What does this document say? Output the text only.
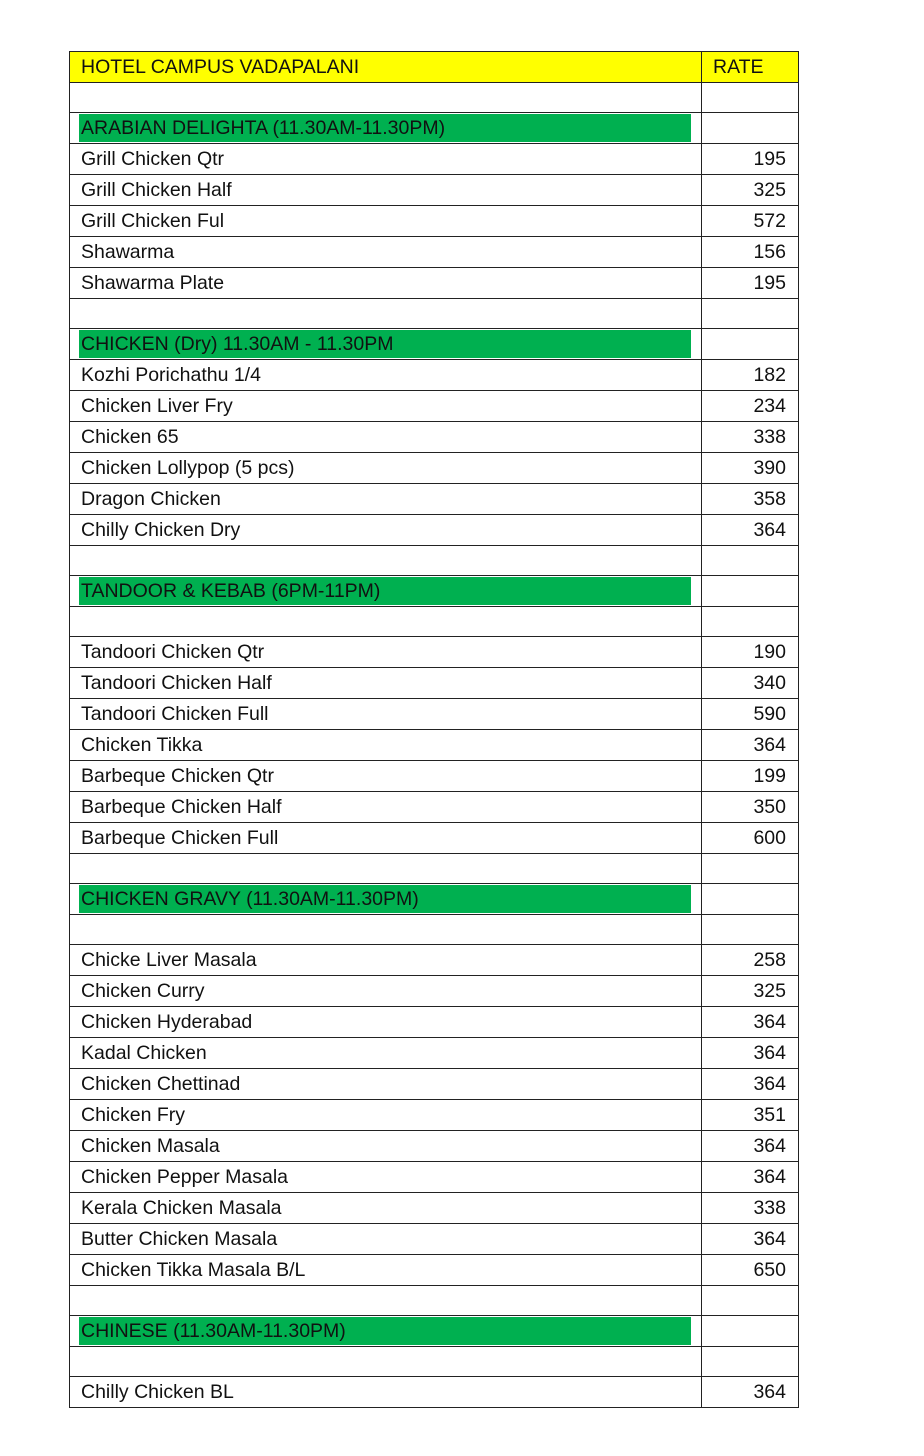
HOTEL CAMPUS VADAPALANI	RATE

ARABIAN DELIGHTA (11.30AM-11.30PM)	

Grill Chicken Qtr	195
Grill Chicken Half	325
Grill Chicken Ful	572
Shawarma	156
Shawarma Plate	195

CHICKEN (Dry) 11.30AM - 11.30PM	

Kozhi Porichathu 1/4	182
Chicken Liver Fry	234
Chicken 65	338
Chicken Lollypop (5 pcs)	390
Dragon Chicken	358
Chilly Chicken Dry	364

TANDOOR & KEBAB (6PM-11PM)	

Tandoori Chicken Qtr	190
Tandoori Chicken Half	340
Tandoori Chicken Full	590
Chicken Tikka	364
Barbeque Chicken Qtr	199
Barbeque Chicken Half	350
Barbeque Chicken Full	600

CHICKEN GRAVY (11.30AM-11.30PM)	

Chicke Liver Masala	258
Chicken Curry	325
Chicken Hyderabad	364
Kadal Chicken	364
Chicken Chettinad	364
Chicken Fry	351
Chicken Masala	364
Chicken Pepper Masala	364
Kerala Chicken Masala	338
Butter Chicken Masala	364
Chicken Tikka Masala B/L	650

CHINESE (11.30AM-11.30PM)	

Chilly Chicken BL	364
